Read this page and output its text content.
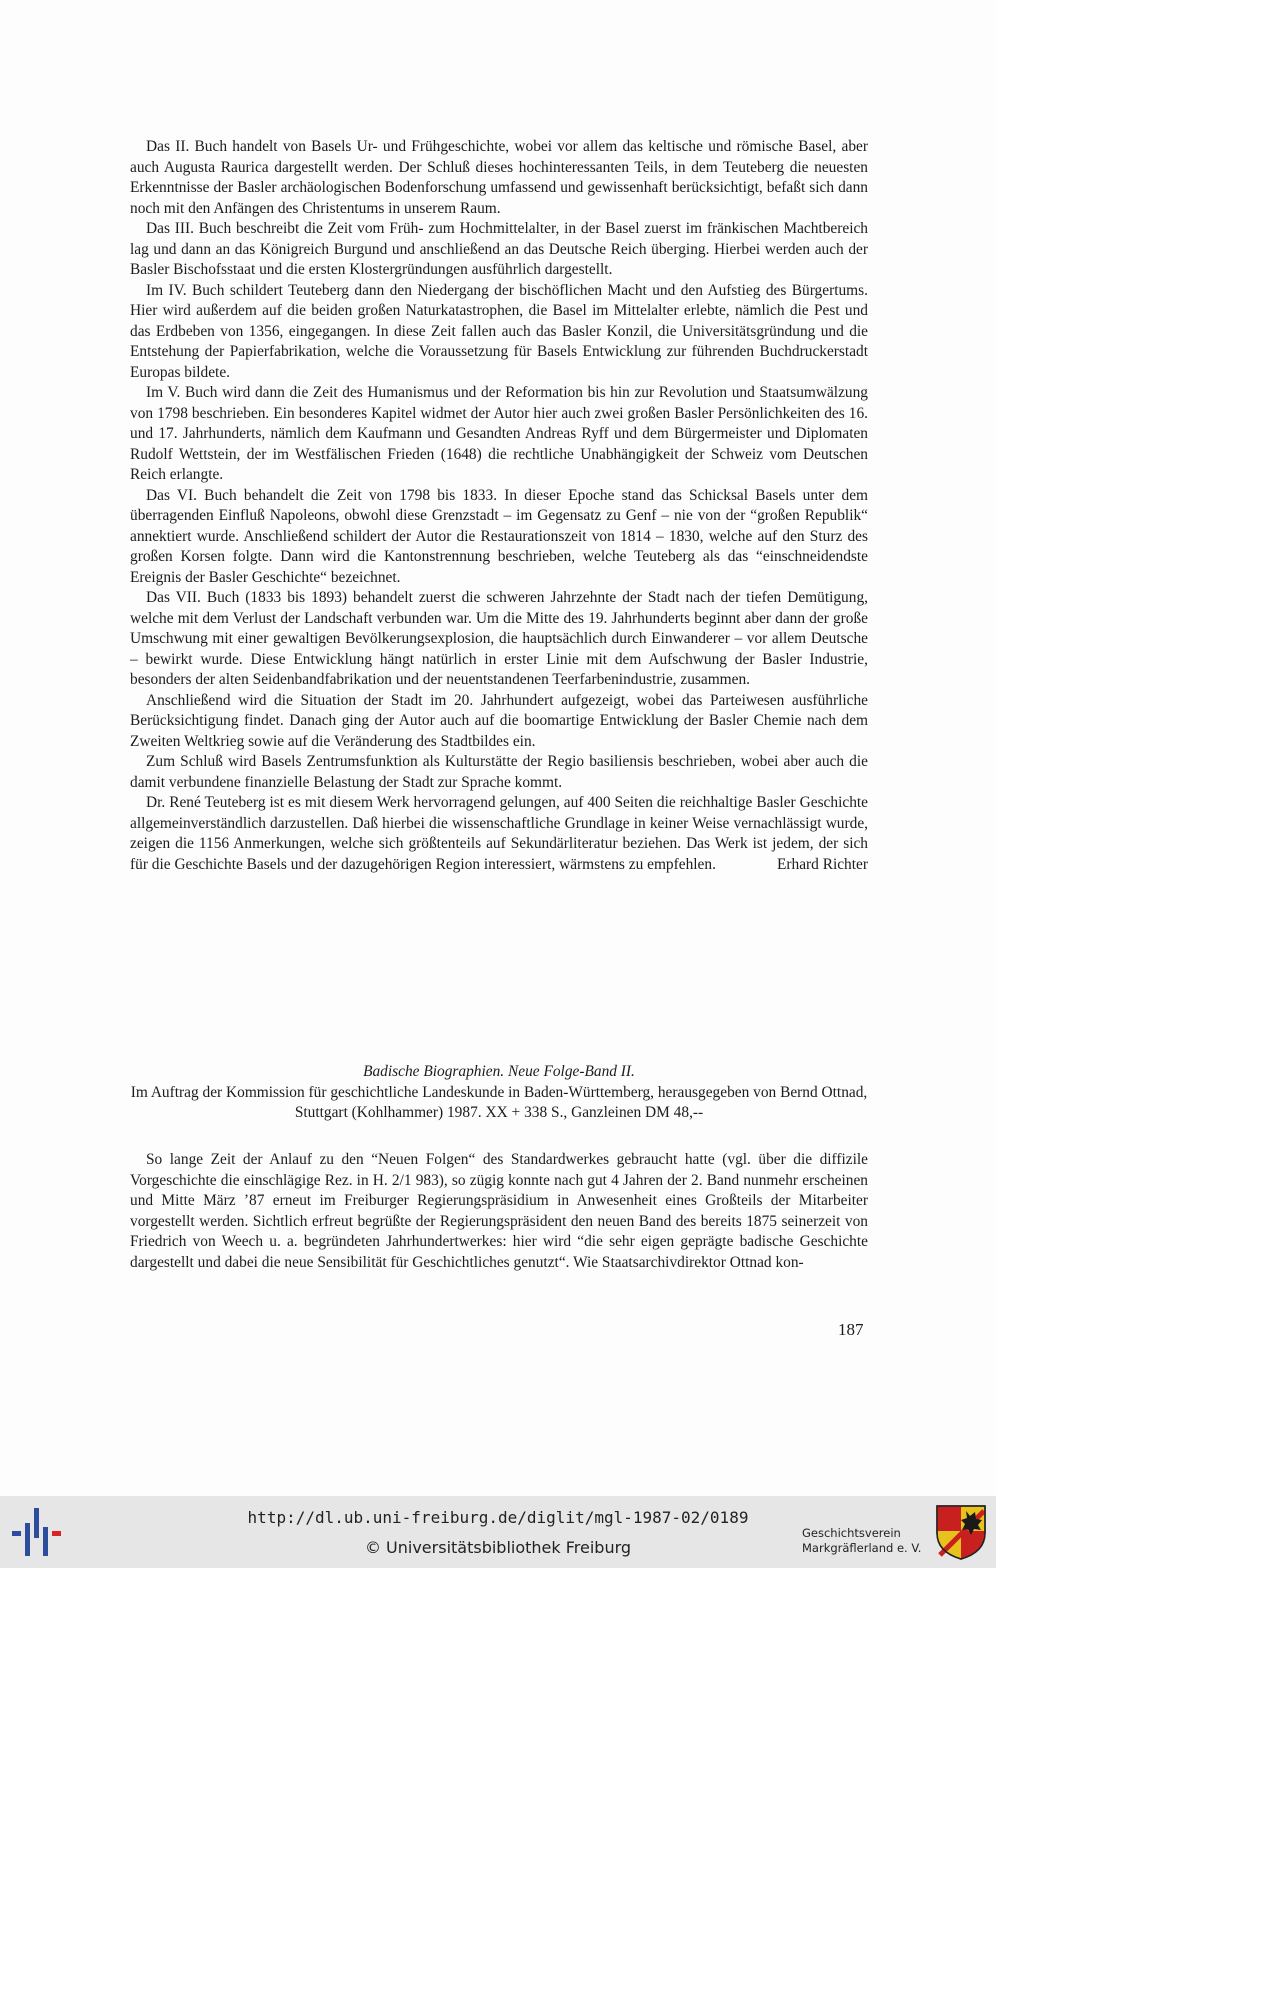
Das II. Buch handelt von Basels Ur- und Frühgeschichte, wobei vor allem das keltische und römische Basel, aber auch Augusta Raurica dargestellt werden. Der Schluß dieses hochinteressanten Teils, in dem Teuteberg die neuesten Erkenntnisse der Basler archäologischen Bodenforschung umfassend und gewissenhaft berücksichtigt, befaßt sich dann noch mit den Anfängen des Christentums in unserem Raum.

Das III. Buch beschreibt die Zeit vom Früh- zum Hochmittelalter, in der Basel zuerst im fränkischen Machtbereich lag und dann an das Königreich Burgund und anschließend an das Deutsche Reich überging. Hierbei werden auch der Basler Bischofsstaat und die ersten Klostergründungen ausführlich dargestellt.

Im IV. Buch schildert Teuteberg dann den Niedergang der bischöflichen Macht und den Aufstieg des Bürgertums. Hier wird außerdem auf die beiden großen Naturkatastrophen, die Basel im Mittelalter erlebte, nämlich die Pest und das Erdbeben von 1356, eingegangen. In diese Zeit fallen auch das Basler Konzil, die Universitätsgründung und die Entstehung der Papierfabrikation, welche die Voraussetzung für Basels Entwicklung zur führenden Buchdruckerstadt Europas bildete.

Im V. Buch wird dann die Zeit des Humanismus und der Reformation bis hin zur Revolution und Staatsumwälzung von 1798 beschrieben. Ein besonderes Kapitel widmet der Autor hier auch zwei großen Basler Persönlichkeiten des 16. und 17. Jahrhunderts, nämlich dem Kaufmann und Gesandten Andreas Ryff und dem Bürgermeister und Diplomaten Rudolf Wettstein, der im Westfälischen Frieden (1648) die rechtliche Unabhängigkeit der Schweiz vom Deutschen Reich erlangte.

Das VI. Buch behandelt die Zeit von 1798 bis 1833. In dieser Epoche stand das Schicksal Basels unter dem überragenden Einfluß Napoleons, obwohl diese Grenzstadt – im Gegensatz zu Genf – nie von der “großen Republik“ annektiert wurde. Anschließend schildert der Autor die Restaurationszeit von 1814 – 1830, welche auf den Sturz des großen Korsen folgte. Dann wird die Kantonstrennung beschrieben, welche Teuteberg als das “einschneidendste Ereignis der Basler Geschichte“ bezeichnet.

Das VII. Buch (1833 bis 1893) behandelt zuerst die schweren Jahrzehnte der Stadt nach der tiefen Demütigung, welche mit dem Verlust der Landschaft verbunden war. Um die Mitte des 19. Jahrhunderts beginnt aber dann der große Umschwung mit einer gewaltigen Bevölkerungsexplosion, die hauptsächlich durch Einwanderer – vor allem Deutsche – bewirkt wurde. Diese Entwicklung hängt natürlich in erster Linie mit dem Aufschwung der Basler Industrie, besonders der alten Seidenbandfabrikation und der neuentstandenen Teerfarbenindustrie, zusammen.

Anschließend wird die Situation der Stadt im 20. Jahrhundert aufgezeigt, wobei das Parteiwesen ausführliche Berücksichtigung findet. Danach ging der Autor auch auf die boomartige Entwicklung der Basler Chemie nach dem Zweiten Weltkrieg sowie auf die Veränderung des Stadtbildes ein.

Zum Schluß wird Basels Zentrumsfunktion als Kulturstätte der Regio basiliensis beschrieben, wobei aber auch die damit verbundene finanzielle Belastung der Stadt zur Sprache kommt.

Dr. René Teuteberg ist es mit diesem Werk hervorragend gelungen, auf 400 Seiten die reichhaltige Basler Geschichte allgemeinverständlich darzustellen. Daß hierbei die wissenschaftliche Grundlage in keiner Weise vernachlässigt wurde, zeigen die 1156 Anmerkungen, welche sich größtenteils auf Sekundärliteratur beziehen. Das Werk ist jedem, der sich für die Geschichte Basels und der dazugehörigen Region interessiert, wärmstens zu empfehlen.	Erhard Richter

Badische Biographien. Neue Folge-Band II.
Im Auftrag der Kommission für geschichtliche Landeskunde in Baden-Württemberg, herausgegeben von Bernd Ottnad, Stuttgart (Kohlhammer) 1987. XX + 338 S., Ganzleinen DM 48,--

So lange Zeit der Anlauf zu den “Neuen Folgen“ des Standardwerkes gebraucht hatte (vgl. über die diffizile Vorgeschichte die einschlägige Rez. in H. 2/1 983), so zügig konnte nach gut 4 Jahren der 2. Band nunmehr erscheinen und Mitte März ’87 erneut im Freiburger Regierungspräsidium in Anwesenheit eines Großteils der Mitarbeiter vorgestellt werden. Sichtlich erfreut begrüßte der Regierungspräsident den neuen Band des bereits 1875 seinerzeit von Friedrich von Weech u. a. begründeten Jahrhundertwerkes: hier wird “die sehr eigen geprägte badische Geschichte dargestellt und dabei die neue Sensibilität für Geschichtliches genutzt“. Wie Staatsarchivdirektor Ottnad kon-

187
http://dl.ub.uni-freiburg.de/diglit/mgl-1987-02/0189
© Universitätsbibliothek Freiburg
Geschichtsverein
Markgräflerland e. V.
